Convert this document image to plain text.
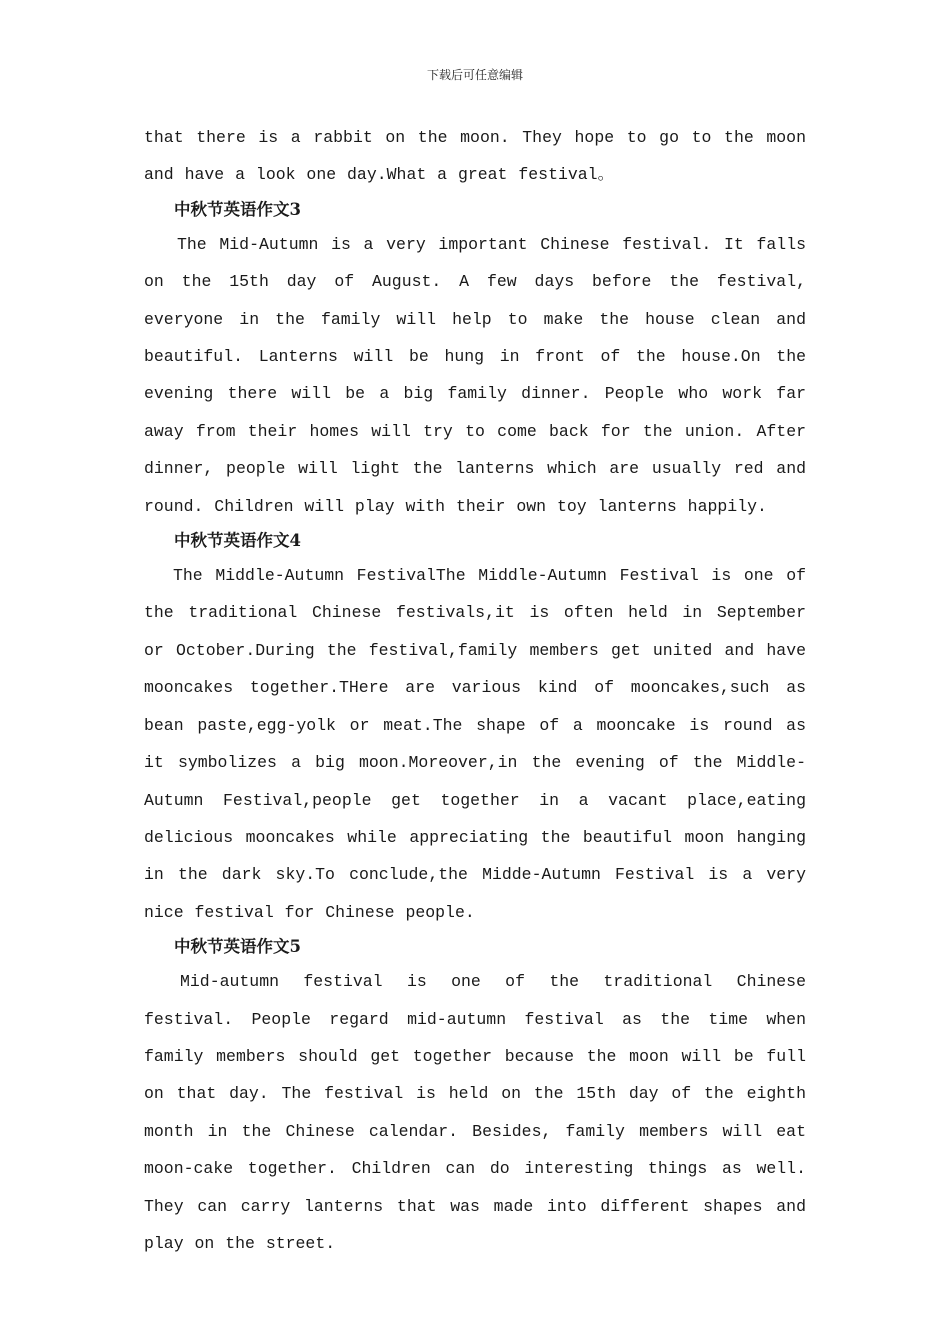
下载后可任意编辑

that there is a rabbit on the moon. They hope to go to the moon and have a look one day.What a great festival。

中秋节英语作文3

The Mid-Autumn is a very important Chinese festival. It falls on the 15th day of August. A few days before the festival, everyone in the family will help to make the house clean and beautiful. Lanterns will be hung in front of the house.On the evening there will be a big family dinner. People who work far away from their homes will try to come back for the union. After dinner, people will light the lanterns which are usually red and round. Children will play with their own toy lanterns happily.

中秋节英语作文4

The Middle-Autumn FestivalThe Middle-Autumn Festival is one of the traditional Chinese festivals,it is often held in September or October.During the festival,family members get united and have mooncakes together.THere are various kind of mooncakes,such as bean paste,egg-yolk or meat.The shape of a mooncake is round as it symbolizes a big moon.Moreover,in the evening of the Middle-Autumn Festival,people get together in a vacant place,eating delicious mooncakes while appreciating the beautiful moon hanging in the dark sky.To conclude,the Midde-Autumn Festival is a very nice festival for Chinese people.

中秋节英语作文5

Mid-autumn festival is one of the traditional Chinese festival. People regard mid-autumn festival as the time when family members should get together because the moon will be full on that day. The festival is held on the 15th day of the eighth month in the Chinese calendar. Besides, family members will eat moon-cake together. Children can do interesting things as well. They can carry lanterns that was made into different shapes and play on the street.
